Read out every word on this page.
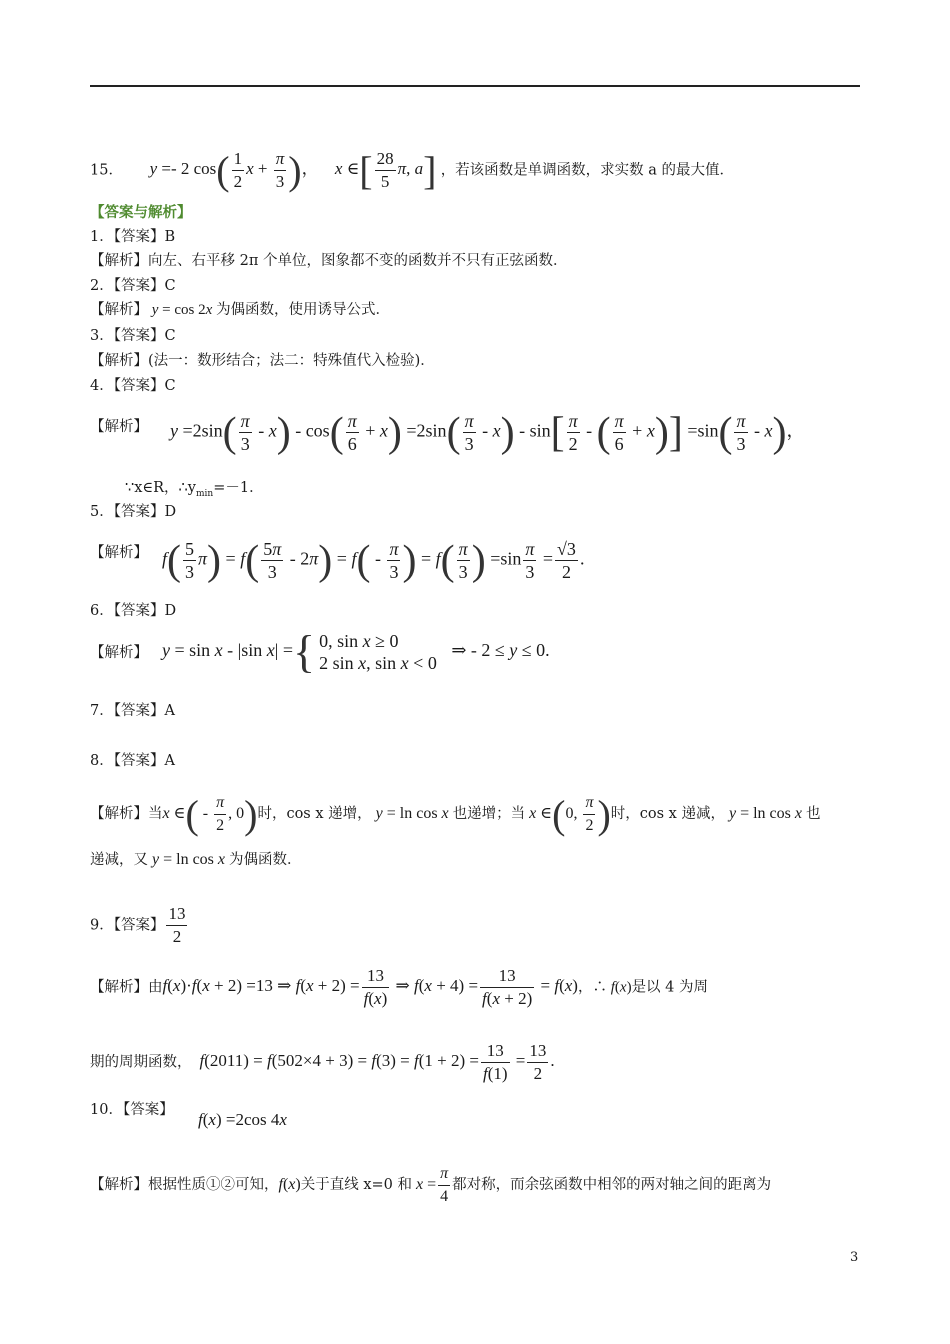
15． y =- 2 $\cos( \frac{1}{2}$ $x + \frac{\pi}{3}$ )， x ∈[ $\frac{28}{5} \pi$, a] ，若该函数是单调函数，求实数 a 的最大值．
【答案与解析】
1．【答案】B
【解析】向左、右平移 2π 个单位，图象都不变的函数并不只有正弦函数．
2．【答案】C
【解析】 y = cos 2x 为偶函数，使用诱导公式．
3．【答案】C
【解析】(法一：数形结合；法二：特殊值代入检验)．
4．【答案】C
【解析】 $y =2\sin( \frac{\pi}{3} - x) - \cos( \frac{\pi}{6} + x) =2\sin( \frac{\pi}{3} - x) - \sin[ \frac{\pi}{2}$ - ( $\frac{\pi}{6} + x)] =\sin( \frac{\pi}{3} - x)$，
∵x∈R，$\therefore y_{min}=-1$．
5．【答案】D
【解析】 $f( \frac{5}{3} \pi) = f( \frac{5\pi}{3} - 2\pi) = f( - \frac{\pi}{3}$ ) = $f( \frac{\pi}{3}$ ) $=\sin \frac{\pi}{3} = \frac{√3}{2}$ .
6．【答案】D
【解析】 y = sin x - |sin x| ={ 0, sin x ≥ 0
2 sin x, sin x < 0
⇒ - 2 ≤ y ≤ 0.
7．【答案】A
8．【答案】A
【解析】当x ∈( - $\frac{\pi}{2}$ , 0)时，cos x 递增， y = ln cos x 也递增；当 x ∈(0, $\frac{\pi}{2}$ )时，cos x 递减， y = ln cos x 也
递减，又 y = ln cos x 为偶函数．
9．【答案】 $\frac{13}{2}$
【解析】由f(x)·f(x + 2) =13 ⇒ $f(x + 2) = \frac{13}{f(x)}$ ⇒ $f(x + 4) = \frac{13}{f(x + 2)} = f(x)$，∴ f(x)是以 4 为周
期的周期函数， $f(2011) = f(502\times 4 + 3) = f(3) = f(1 + 2) = \frac{13}{f(1)} = \frac{13}{2}$ .
10．【答案】 f(x) =2cos 4x
【解析】根据性质①②可知，f(x)关于直线 x=0 和 $x = \frac{\pi}{4}$ 都对称，而余弦函数中相邻的两对轴之间的距离为
3
